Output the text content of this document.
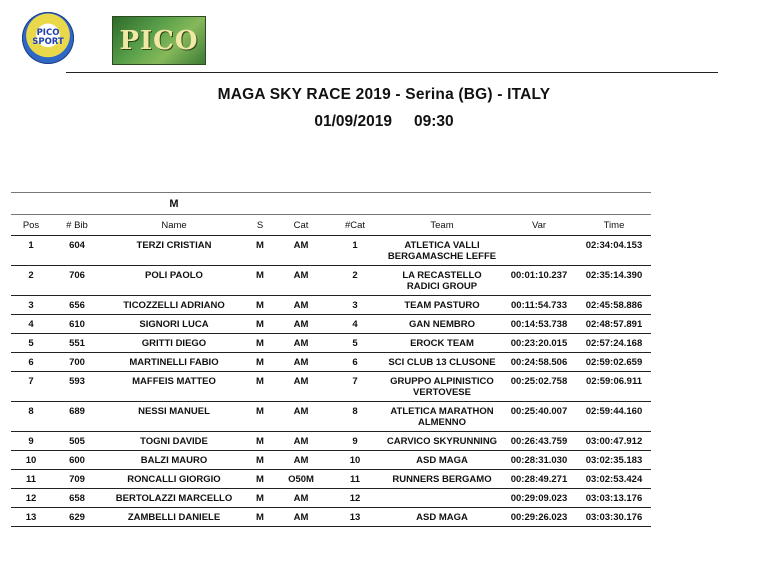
PICO SPORT PICO
MAGA SKY RACE 2019 - Serina (BG) - ITALY
01/09/2019 09:30
		M						
Pos	# Bib	Name	S	Cat	#Cat	Team	Var	Time
1	604	TERZI CRISTIAN	M	AM	1	ATLETICA VALLI BERGAMASCHE LEFFE		02:34:04.153
2	706	POLI PAOLO	M	AM	2	LA RECASTELLO RADICI GROUP	00:01:10.237	02:35:14.390
3	656	TICOZZELLI ADRIANO	M	AM	3	TEAM PASTURO	00:11:54.733	02:45:58.886
4	610	SIGNORI LUCA	M	AM	4	GAN NEMBRO	00:14:53.738	02:48:57.891
5	551	GRITTI DIEGO	M	AM	5	EROCK TEAM	00:23:20.015	02:57:24.168
6	700	MARTINELLI FABIO	M	AM	6	SCI CLUB 13 CLUSONE	00:24:58.506	02:59:02.659
7	593	MAFFEIS MATTEO	M	AM	7	GRUPPO ALPINISTICO VERTOVESE	00:25:02.758	02:59:06.911
8	689	NESSI MANUEL	M	AM	8	ATLETICA MARATHON ALMENNO	00:25:40.007	02:59:44.160
9	505	TOGNI DAVIDE	M	AM	9	CARVICO SKYRUNNING	00:26:43.759	03:00:47.912
10	600	BALZI MAURO	M	AM	10	ASD MAGA	00:28:31.030	03:02:35.183
11	709	RONCALLI GIORGIO	M	O50M	11	RUNNERS BERGAMO	00:28:49.271	03:02:53.424
12	658	BERTOLAZZI MARCELLO	M	AM	12		00:29:09.023	03:03:13.176
13	629	ZAMBELLI DANIELE	M	AM	13	ASD MAGA	00:29:26.023	03:03:30.176
